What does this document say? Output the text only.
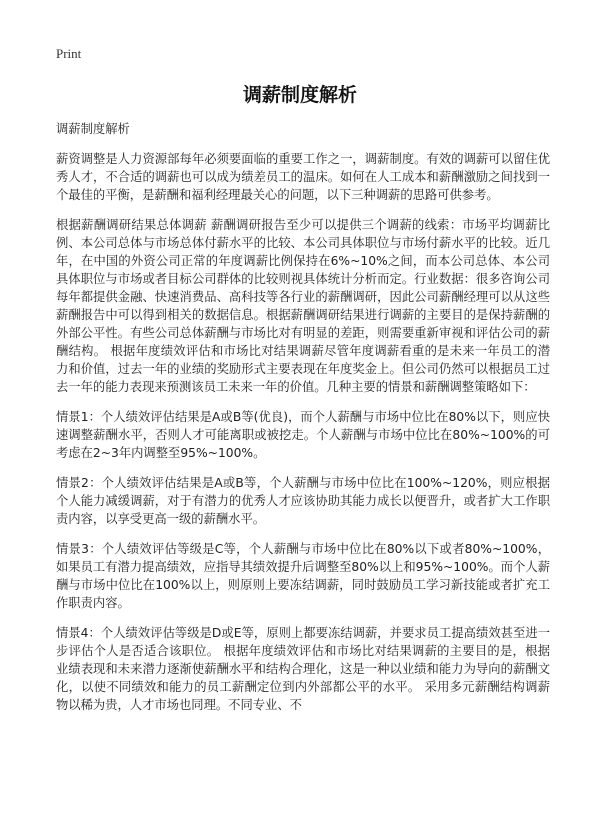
Print
调薪制度解析

调薪制度解析

薪资调整是人力资源部每年必须要面临的重要工作之一，调薪制度。有效的调薪可以留住优秀人才，不合适的调薪也可以成为绩差员工的温床。如何在人工成本和薪酬激励之间找到一个最佳的平衡，是薪酬和福利经理最关心的问题，以下三种调薪的思路可供参考。

根据薪酬调研结果总体调薪 薪酬调研报告至少可以提供三个调薪的线索：市场平均调薪比例、本公司总体与市场总体付薪水平的比较、本公司具体职位与市场付薪水平的比较。近几年，在中国的外资公司正常的年度调薪比例保持在6%~10%之间，而本公司总体、本公司具体职位与市场或者目标公司群体的比较则视具体统计分析而定。行业数据：很多咨询公司每年都提供金融、快速消费品、高科技等各行业的薪酬调研，因此公司薪酬经理可以从这些薪酬报告中可以得到相关的数据信息。根据薪酬调研结果进行调薪的主要目的是保持薪酬的外部公平性。有些公司总体薪酬与市场比对有明显的差距，则需要重新审视和评估公司的薪酬结构。 根据年度绩效评估和市场比对结果调薪尽管年度调薪看重的是未来一年员工的潜力和价值，过去一年的业绩的奖励形式主要表现在年度奖金上。但公司仍然可以根据员工过去一年的能力表现来预测该员工未来一年的价值。几种主要的情景和薪酬调整策略如下：

情景1：个人绩效评估结果是A或B等(优良)，而个人薪酬与市场中位比在80%以下，则应快速调整薪酬水平，否则人才可能离职或被挖走。个人薪酬与市场中位比在80%~100%的可考虑在2~3年内调整至95%~100%。

情景2：个人绩效评估结果是A或B等，个人薪酬与市场中位比在100%~120%，则应根据个人能力减缓调薪，对于有潜力的优秀人才应该协助其能力成长以便晋升，或者扩大工作职责内容，以享受更高一级的薪酬水平。

情景3：个人绩效评估等级是C等，个人薪酬与市场中位比在80%以下或者80%~100%，如果员工有潜力提高绩效，应指导其绩效提升后调整至80%以上和95%~100%。而个人薪酬与市场中位比在100%以上，则原则上要冻结调薪，同时鼓励员工学习新技能或者扩充工作职责内容。

情景4：个人绩效评估等级是D或E等，原则上都要冻结调薪，并要求员工提高绩效甚至进一步评估个人是否适合该职位。 根据年度绩效评估和市场比对结果调薪的主要目的是，根据业绩表现和未来潜力逐渐使薪酬水平和结构合理化，这是一种以业绩和能力为导向的薪酬文化，以使不同绩效和能力的员工薪酬定位到内外部都公平的水平。 采用多元薪酬结构调薪 物以稀为贵，人才市场也同理。不同专业、不
